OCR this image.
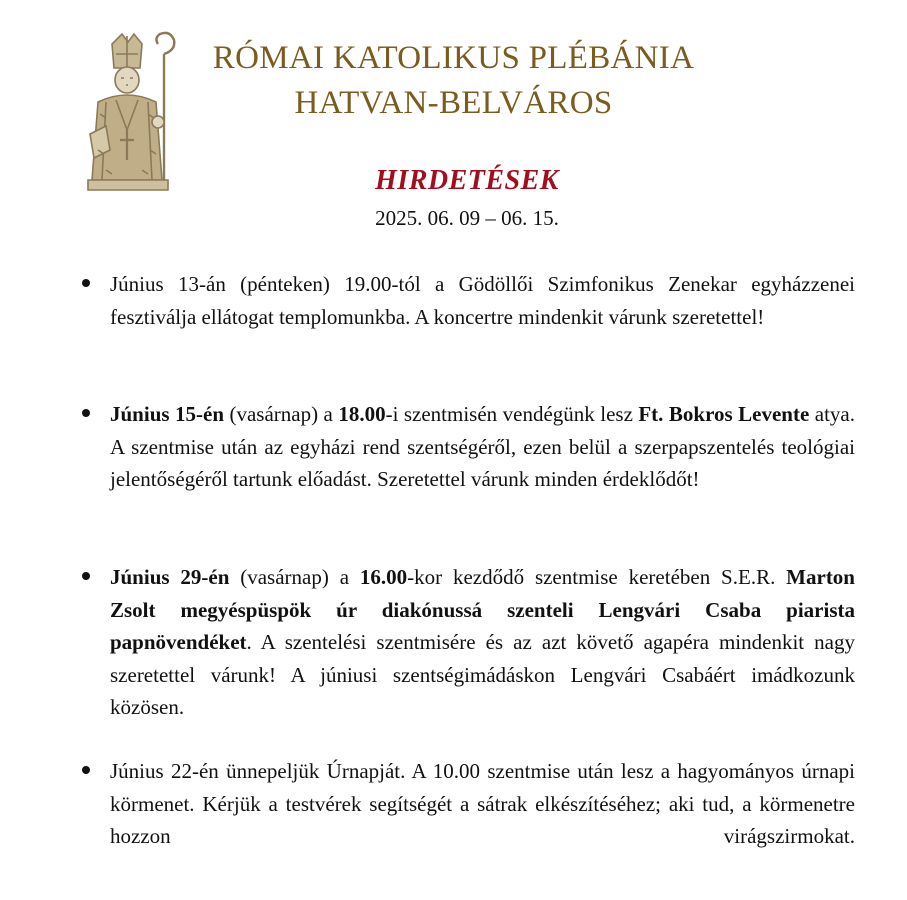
RÓMAI KATOLIKUS PLÉBÁNIA
HATVAN-BELVÁROS
HIRDETÉSEK
2025. 06. 09 – 06. 15.
Június 13-án (pénteken) 19.00-tól a Gödöllői Szimfonikus Zenekar egyházzenei fesztiválja ellátogat templomunkba. A koncertre mindenkit várunk szeretettel!
Június 15-én (vasárnap) a 18.00-i szentmisén vendégünk lesz Ft. Bokros Levente atya. A szentmise után az egyházi rend szentségéről, ezen belül a szerpapszentelés teológiai jelentőségéről tartunk előadást. Szeretettel várunk minden érdeklődőt!
Június 29-én (vasárnap) a 16.00-kor kezdődő szentmise keretében S.E.R. Marton Zsolt megyéspüspök úr diakónussá szenteli Lengvári Csaba piarista papnövendéket. A szentelési szentmisére és az azt követő agapéra mindenkit nagy szeretettel várunk! A júniusi szentségimádáskon Lengvári Csabáért imádkozunk közösen.
Június 22-én ünnepeljük Úrnapját. A 10.00 szentmise után lesz a hagyományos úrnapi körmenet. Kérjük a testvérek segítségét a sátrak elkészítéséhez; aki tud, a körmenetre hozzon virágszirmokat.
